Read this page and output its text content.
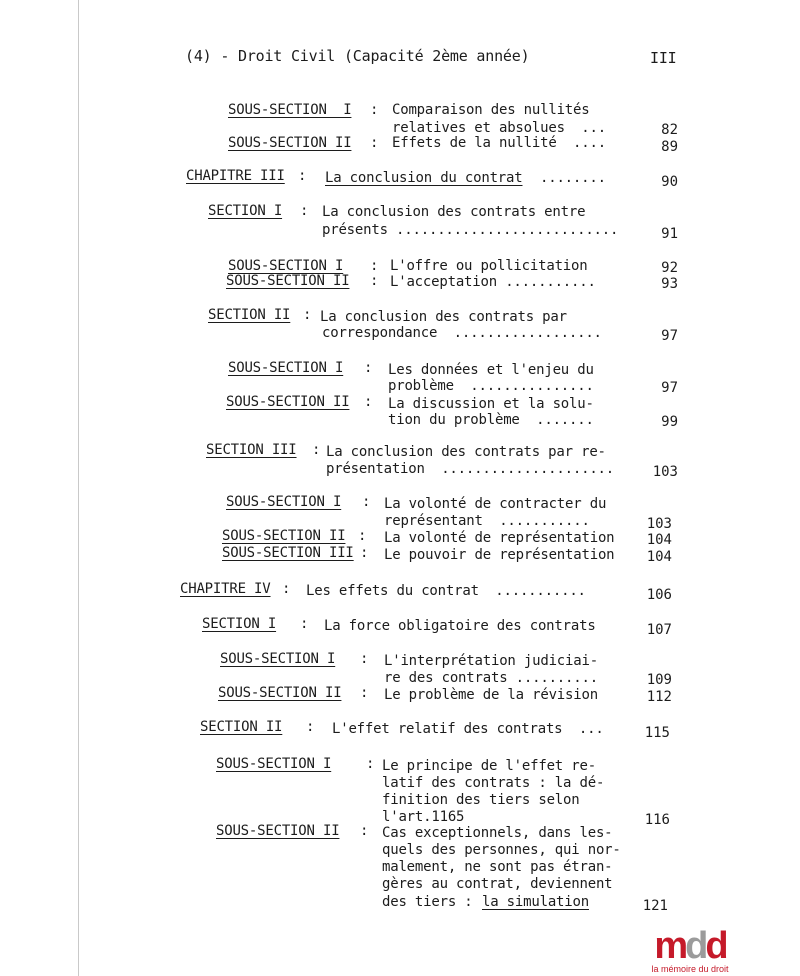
(4) - Droit Civil (Capacité 2ème année)	III
SOUS-SECTION  I : Comparaison des nullités
relatives et absolues  ...	82
SOUS-SECTION II : Effets de la nullité  ....	89
CHAPITRE III : La conclusion du contrat ........	90
SECTION I : La conclusion des contrats entre
présents ...........................	91
SOUS-SECTION I : L'offre ou pollicitation	92
SOUS-SECTION II : L'acceptation ...........	93
SECTION II : La conclusion des contrats par
correspondance  ..................	97
SOUS-SECTION I : Les données et l'enjeu du
problème  ...............	97
SOUS-SECTION II : La discussion et la solu-
tion du problème  .......	99
SECTION III : La conclusion des contrats par re-
présentation  .....................	103
SOUS-SECTION I : La volonté de contracter du
représentant  ...........	103
SOUS-SECTION II : La volonté de représentation	104
SOUS-SECTION III : Le pouvoir de représentation	104
CHAPITRE IV : Les effets du contrat  ...........	106
SECTION I : La force obligatoire des contrats	107
SOUS-SECTION I : L'interprétation judiciai-
re des contrats ..........	109
SOUS-SECTION II : Le problème de la révision	112
SECTION II : L'effet relatif des contrats  ...	115
SOUS-SECTION I : Le principe de l'effet re-
latif des contrats : la dé-
finition des tiers selon
l'art.1165	116
SOUS-SECTION II : Cas exceptionnels, dans les-
quels des personnes, qui nor-
malement, ne sont pas étran-
gères au contrat, deviennent
des tiers : la simulation	121
mdd
la mémoire du droit
